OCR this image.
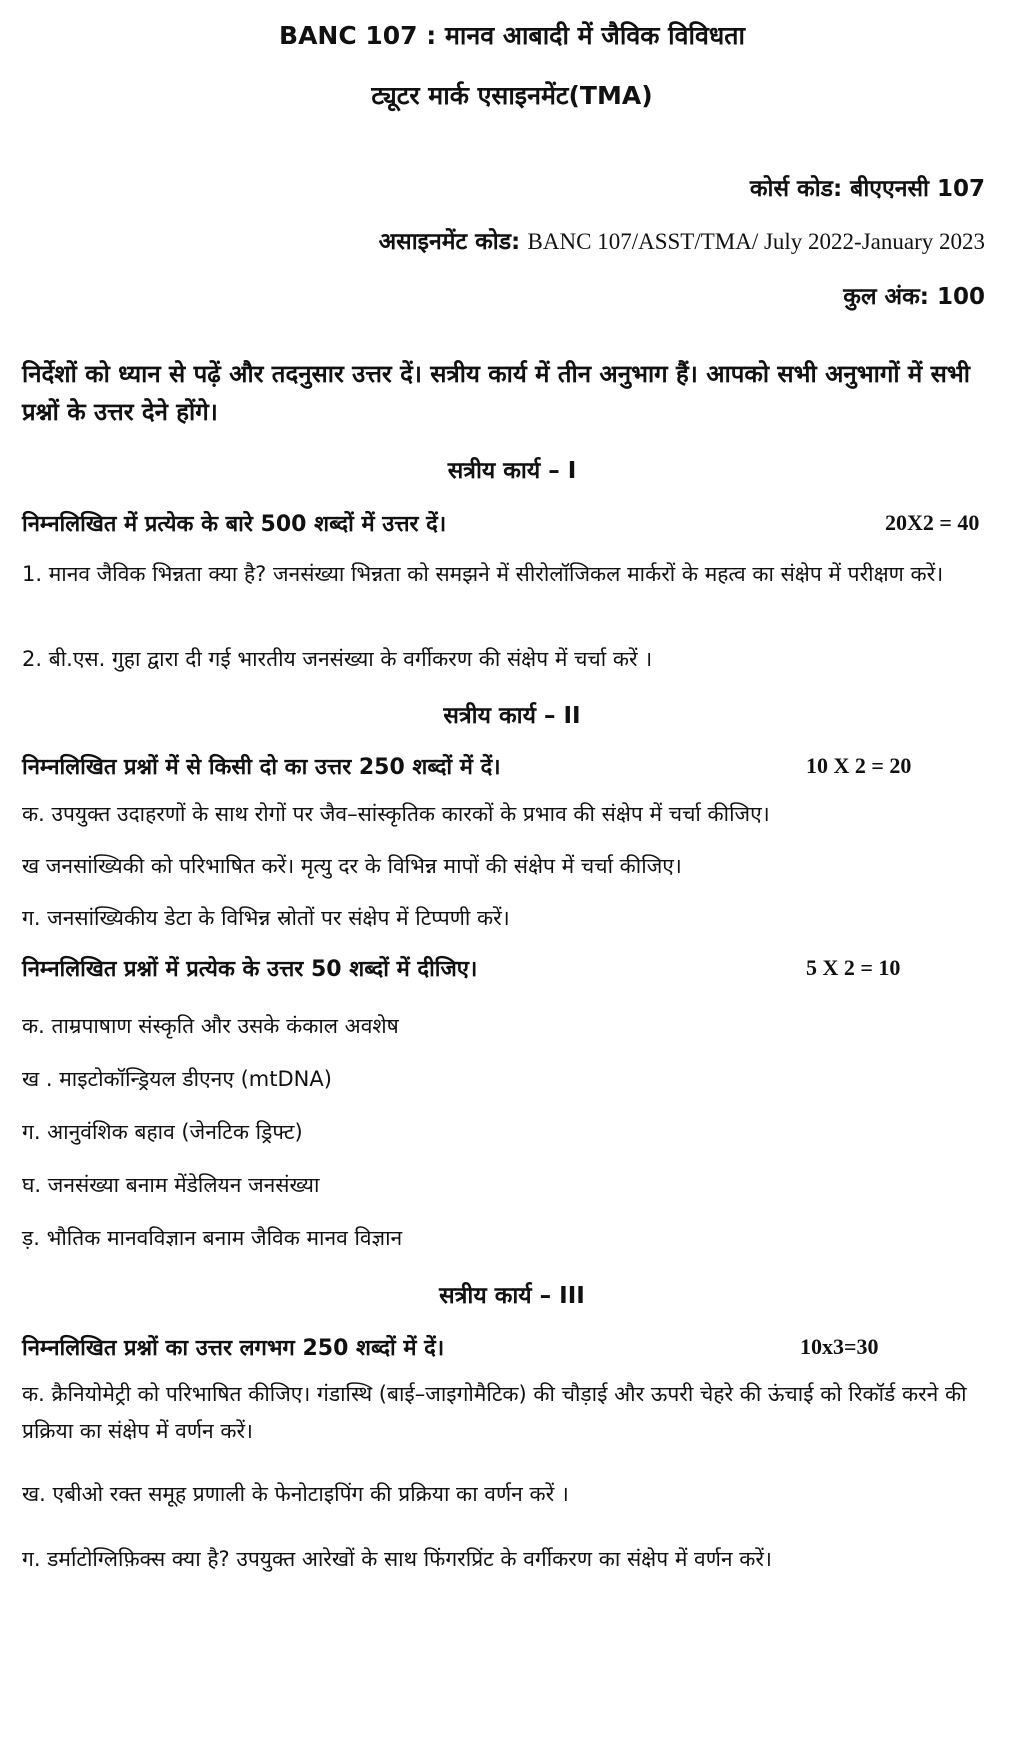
BANC 107 : मानव आबादी में जैविक विविधता
ट्यूटर मार्क एसाइनमेंट(TMA)
कोर्स कोड: बीएएनसी 107
असाइनमेंट कोड: BANC 107/ASST/TMA/ July 2022-January 2023
कुल अंक: 100
निर्देशों को ध्यान से पढ़ें और तदनुसार उत्तर दें। सत्रीय कार्य में तीन अनुभाग हैं। आपको सभी अनुभागों में सभी प्रश्नों के उत्तर देने होंगे।
सत्रीय कार्य – I
निम्नलिखित में प्रत्येक के बारे 500 शब्दों में उत्तर दें।	20X2 = 40
1. मानव जैविक भिन्नता क्या है? जनसंख्या भिन्नता को समझने में सीरोलॉजिकल मार्करों के महत्व का संक्षेप में परीक्षण करें।
2. बी.एस. गुहा द्वारा दी गई भारतीय जनसंख्या के वर्गीकरण की संक्षेप में चर्चा करें ।
सत्रीय कार्य – II
निम्नलिखित प्रश्नों में से किसी दो का उत्तर 250 शब्दों में दें।	10 X 2 = 20
क. उपयुक्त उदाहरणों के साथ रोगों पर जैव–सांस्कृतिक कारकों के प्रभाव की संक्षेप में चर्चा कीजिए।
ख जनसांख्यिकी को परिभाषित करें। मृत्यु दर के विभिन्न मापों की संक्षेप में चर्चा कीजिए।
ग. जनसांख्यिकीय डेटा के विभिन्न स्रोतों पर संक्षेप में टिप्पणी करें।
निम्नलिखित प्रश्नों में प्रत्येक के उत्तर 50 शब्दों में दीजिए।	5 X 2 = 10
क. ताम्रपाषाण संस्कृति और उसके कंकाल अवशेष
ख . माइटोकॉन्ड्रियल डीएनए (mtDNA)
ग. आनुवंशिक बहाव (जेनटिक ड्रिफ्ट)
घ. जनसंख्या बनाम मेंडेलियन जनसंख्या
ड़. भौतिक मानवविज्ञान बनाम जैविक मानव विज्ञान
सत्रीय कार्य – III
निम्नलिखित प्रश्नों का उत्तर लगभग 250 शब्दों में दें।	10x3=30
क. क्रैनियोमेट्री को परिभाषित कीजिए। गंडास्थि (बाई–जाइगोमैटिक) की चौड़ाई और ऊपरी चेहरे की ऊंचाई को रिकॉर्ड करने की प्रक्रिया का संक्षेप में वर्णन करें।
ख. एबीओ रक्त समूह प्रणाली के फेनोटाइपिंग की प्रक्रिया का वर्णन करें ।
ग. डर्माटोग्लिफ़िक्स क्या है? उपयुक्त आरेखों के साथ फिंगरप्रिंट के वर्गीकरण का संक्षेप में वर्णन करें।
